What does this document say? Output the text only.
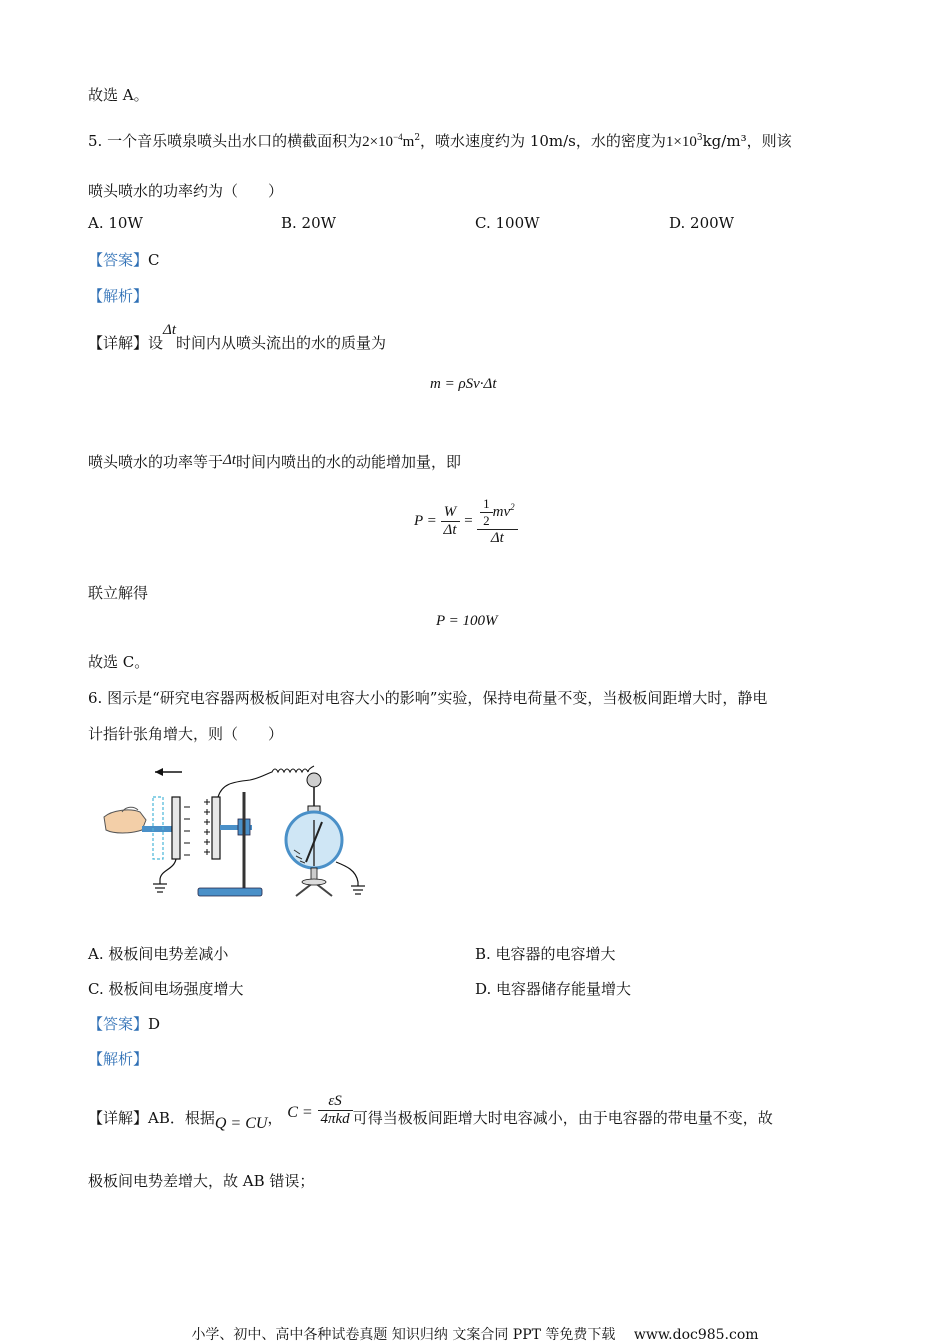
故选 A。
5. 一个音乐喷泉喷头出水口的横截面积为$2\times 10^{-4}m^2$，喷水速度约为 10m/s，水的密度为$1\times 10^3kg/m^3$，则该
喷头喷水的功率约为（　　）
A. 10W	B. 20W	C. 100W	D. 200W
【答案】C
【解析】
【详解】设Δt时间内从喷头流出的水的质量为
m = ρSv·Δt
喷头喷水的功率等于Δt时间内喷出的水的动能增加量，即
$P = \frac{W}{\Delta t} = \frac{\frac{1}{2} mv^2}{\Delta t}$
联立解得
P = 100W
故选 C。
6. 图示是“研究电容器两极板间距对电容大小的影响”实验，保持电荷量不变，当极板间距增大时，静电
计指针张角增大，则（　　）
A. 极板间电势差减小	B. 电容器的电容增大
C. 极板间电场强度增大	D. 电容器储存能量增大
【答案】D
【解析】
【详解】AB．根据Q = CU， $C = \frac{\varepsilon S}{\text{4πkd}}$ 可得当极板间距增大时电容减小，由于电容器的带电量不变，故
极板间电势差增大，故 AB 错误；
小学、初中、高中各种试卷真题 知识归纳 文案合同 PPT 等免费下载　 www.doc985.com
